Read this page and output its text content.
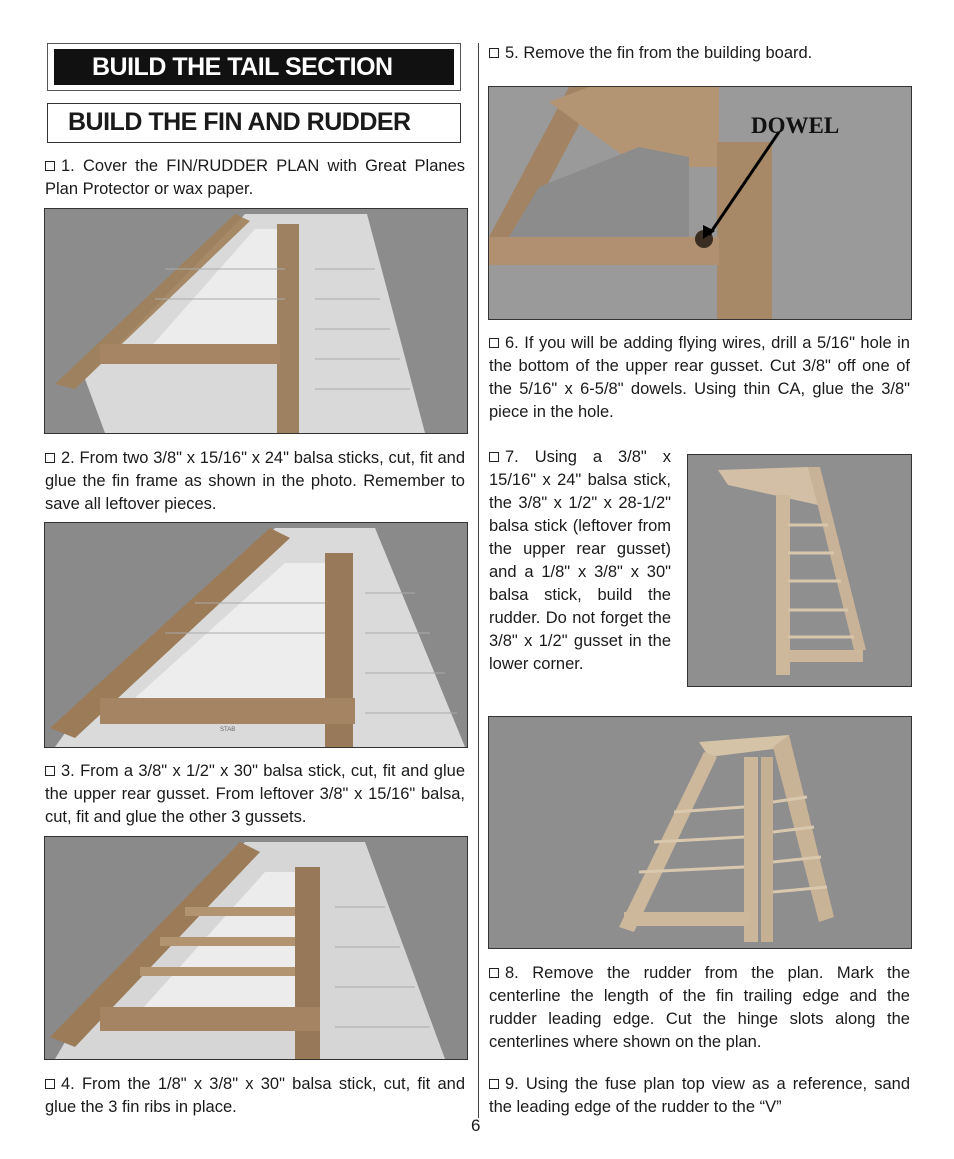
BUILD THE TAIL SECTION
BUILD THE FIN AND RUDDER
1. Cover the FIN/RUDDER PLAN with Great Planes Plan Protector or wax paper.
2. From two 3/8" x 15/16" x 24" balsa sticks, cut, fit and glue the fin frame as shown in the photo. Remember to save all leftover pieces.
STAB
3. From a 3/8" x 1/2" x 30" balsa stick, cut, fit and glue the upper rear gusset. From leftover 3/8" x 15/16" balsa, cut, fit and glue the other 3 gussets.
4. From the 1/8" x 3/8" x 30" balsa stick, cut, fit and glue the 3 fin ribs in place.
5. Remove the fin from the building board.
DOWEL
6. If you will be adding flying wires, drill a 5/16" hole in the bottom of the upper rear gusset. Cut 3/8" off one of the 5/16" x 6-5/8" dowels. Using thin CA, glue the 3/8" piece in the hole.
7. Using a 3/8" x 15/16" x 24" balsa stick, the 3/8" x 1/2" x 28-1/2" balsa stick (leftover from the upper rear gusset) and a 1/8" x 3/8" x 30" balsa stick, build the rudder. Do not forget the 3/8" x 1/2" gusset in the lower corner.
8. Remove the rudder from the plan. Mark the centerline the length of the fin trailing edge and the rudder leading edge. Cut the hinge slots along the centerlines where shown on the plan.
9. Using the fuse plan top view as a reference, sand the leading edge of the rudder to the “V”
6
